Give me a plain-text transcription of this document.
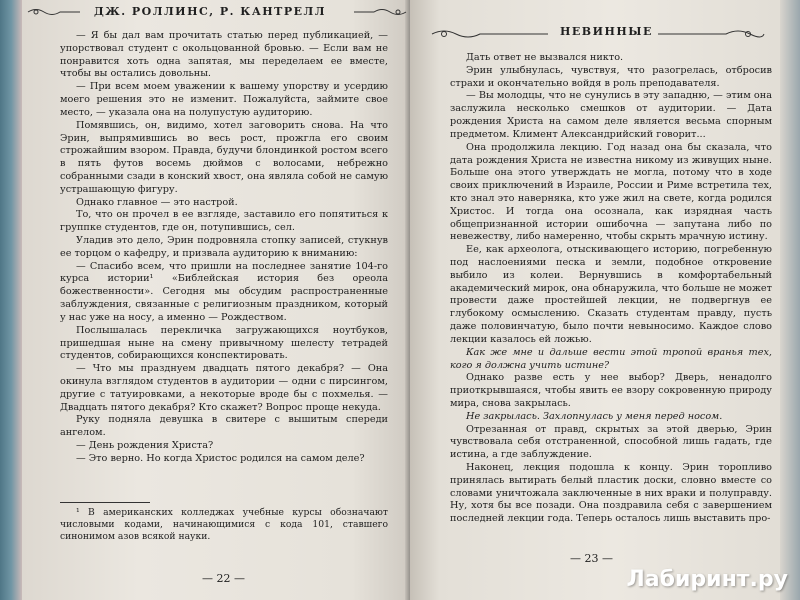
ДЖ. РОЛЛИНС, Р. КАНТРЕЛЛ

— Я бы дал вам прочитать статью перед публикацией, — упорствовал студент с окольцованной бровью. — Если вам не понравится хоть одна запятая, мы переделаем ее вместе, чтобы вы остались довольны.

— При всем моем уважении к вашему упорству и усердию моего решения это не изменит. Пожалуйста, займите свое место, — указала она на полупустую аудиторию.

Помявшись, он, видимо, хотел заговорить снова. На что Эрин, выпрямившись во весь рост, прожгла его своим строжайшим взором. Правда, будучи блондинкой ростом всего в пять футов восемь дюймов с волосами, небрежно собранными сзади в конский хвост, она являла собой не самую устрашающую фигуру.

Однако главное — это настрой.

То, что он прочел в ее взгляде, заставило его попятиться к группке студентов, где он, потупившись, сел.

Уладив это дело, Эрин подровняла стопку записей, стукнув ее торцом о кафедру, и призвала аудиторию к вниманию:

— Спасибо всем, что пришли на последнее занятие 104-го курса истории¹ «Библейская история без ореола божественности». Сегодня мы обсудим распространенные заблуждения, связанные с религиозным праздником, который у нас уже на носу, а именно — Рождеством.

Послышалась перекличка загружающихся ноутбуков, пришедшая ныне на смену привычному шелесту тетрадей студентов, собирающихся конспектировать.

— Что мы празднуем двадцать пятого декабря? — Она окинула взглядом студентов в аудитории — одни с пирсингом, другие с татуировками, а некоторые вроде бы с похмелья. — Двадцать пятого декабря? Кто скажет? Вопрос проще некуда.

Руку подняла девушка в свитере с вышитым спереди ангелом.

— День рождения Христа?

— Это верно. Но когда Христос родился на самом деле?

¹ В американских колледжах учебные курсы обозначают числовыми кодами, начинающимися с кода 101, ставшего синонимом азов всякой науки.

— 22 —
НЕВИННЫЕ

Дать ответ не вызвался никто.

Эрин улыбнулась, чувствуя, что разогрелась, отбросив страхи и окончательно войдя в роль преподавателя.

— Вы молодцы, что не сунулись в эту западню, — этим она заслужила несколько смешков от аудитории. — Дата рождения Христа на самом деле является весьма спорным предметом. Климент Александрийский говорит...

Она продолжила лекцию. Год назад она бы сказала, что дата рождения Христа не известна никому из живущих ныне. Больше она этого утверждать не могла, потому что в ходе своих приключений в Израиле, России и Риме встретила тех, кто знал это наверняка, кто уже жил на свете, когда родился Христос. И тогда она осознала, как изрядная часть общепризнанной истории ошибочна — запутана либо по невежеству, либо намеренно, чтобы скрыть мрачную истину.

Ее, как археолога, отыскивающего историю, погребенную под наслоениями песка и земли, подобное откровение выбило из колеи. Вернувшись в комфортабельный академический мирок, она обнаружила, что больше не может провести даже простейшей лекции, не подвергнув ее глубокому осмыслению. Сказать студентам правду, пусть даже половинчатую, было почти невыносимо. Каждое слово лекции казалось ей ложью.

Как же мне и дальше вести этой тропой вранья тех, кого я должна учить истине?

Однако разве есть у нее выбор? Дверь, ненадолго приоткрывшаяся, чтобы явить ее взору сокровенную природу мира, снова закрылась.

Не закрылась. Захлопнулась у меня перед носом.

Отрезанная от правд, скрытых за этой дверью, Эрин чувствовала себя отстраненной, способной лишь гадать, где истина, а где заблуждение.

Наконец, лекция подошла к концу. Эрин торопливо принялась вытирать белый пластик доски, словно вместе со словами уничтожала заключенные в них враки и полуправду. Ну, хотя бы все позади. Она поздравила себя с завершением последней лекции года. Теперь осталось лишь выставить про-

— 23 —
Лабиринт.ру
